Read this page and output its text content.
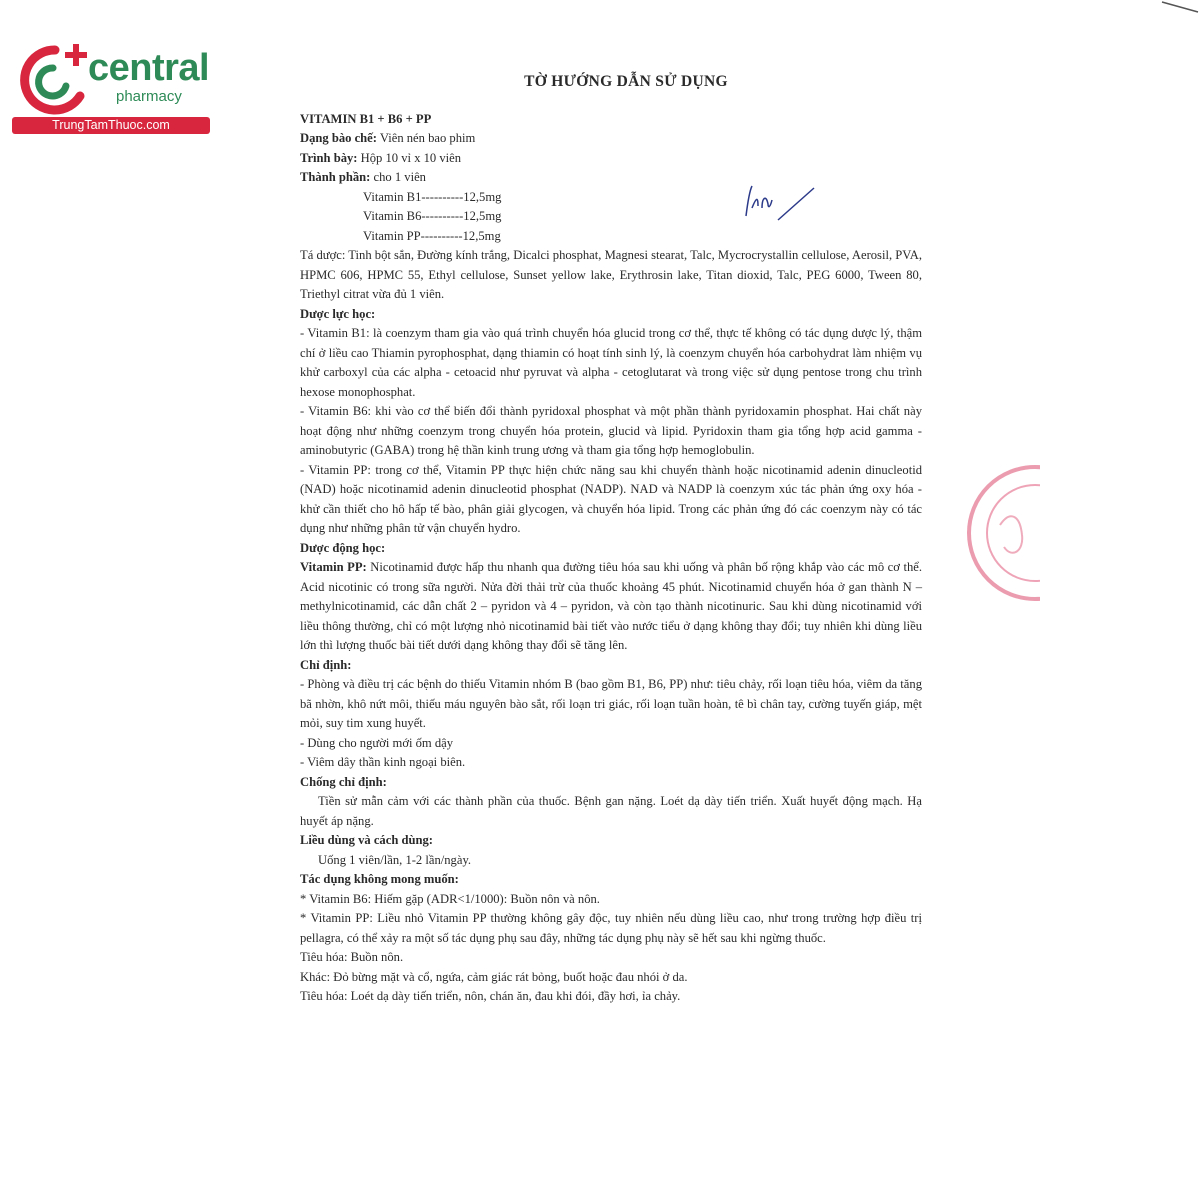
central
pharmacy
TrungTamThuoc.com
TỜ HƯỚNG DẪN SỬ DỤNG

VITAMIN B1 + B6 + PP

Dạng bào chế: Viên nén bao phim

Trình bày: Hộp 10 vỉ x 10 viên

Thành phần: cho 1 viên

Vitamin B1----------12,5mg

Vitamin B6----------12,5mg

Vitamin PP----------12,5mg

Tá dược: Tinh bột sắn, Đường kính trắng, Dicalci phosphat, Magnesi stearat, Talc, Mycrocrystallin cellulose, Aerosil, PVA, HPMC 606, HPMC 55, Ethyl cellulose, Sunset yellow lake, Erythrosin lake, Titan dioxid, Talc, PEG 6000, Tween 80, Triethyl citrat vừa đủ 1 viên.

Dược lực học:

- Vitamin B1: là coenzym tham gia vào quá trình chuyển hóa glucid trong cơ thể, thực tế không có tác dụng dược lý, thậm chí ở liều cao Thiamin pyrophosphat, dạng thiamin có hoạt tính sinh lý, là coenzym chuyển hóa carbohydrat làm nhiệm vụ khử carboxyl của các alpha - cetoacid như pyruvat và alpha - cetoglutarat và trong việc sử dụng pentose trong chu trình hexose monophosphat.

- Vitamin B6: khi vào cơ thể biến đổi thành pyridoxal phosphat và một phần thành pyridoxamin phosphat. Hai chất này hoạt động như những coenzym trong chuyển hóa protein, glucid và lipid. Pyridoxin tham gia tổng hợp acid gamma - aminobutyric (GABA) trong hệ thần kinh trung ương và tham gia tổng hợp hemoglobulin.

- Vitamin PP: trong cơ thể, Vitamin PP thực hiện chức năng sau khi chuyển thành hoặc nicotinamid adenin dinucleotid (NAD) hoặc nicotinamid adenin dinucleotid phosphat (NADP). NAD và NADP là coenzym xúc tác phản ứng oxy hóa - khử cần thiết cho hô hấp tế bào, phân giải glycogen, và chuyển hóa lipid. Trong các phản ứng đó các coenzym này có tác dụng như những phân tử vận chuyển hydro.

Dược động học:

Vitamin PP: Nicotinamid được hấp thu nhanh qua đường tiêu hóa sau khi uống và phân bố rộng khắp vào các mô cơ thể. Acid nicotinic có trong sữa người. Nửa đời thải trừ của thuốc khoảng 45 phút. Nicotinamid chuyển hóa ở gan thành N – methylnicotinamid, các dẫn chất 2 – pyridon và 4 – pyridon, và còn tạo thành nicotinuric. Sau khi dùng nicotinamid với liều thông thường, chỉ có một lượng nhỏ nicotinamid bài tiết vào nước tiểu ở dạng không thay đổi; tuy nhiên khi dùng liều lớn thì lượng thuốc bài tiết dưới dạng không thay đổi sẽ tăng lên.

Chỉ định:

- Phòng và điều trị các bệnh do thiếu Vitamin nhóm B (bao gồm B1, B6, PP) như: tiêu chảy, rối loạn tiêu hóa, viêm da tăng bã nhờn, khô nứt môi, thiếu máu nguyên bào sắt, rối loạn tri giác, rối loạn tuần hoàn, tê bì chân tay, cường tuyến giáp, mệt mỏi, suy tim xung huyết.

- Dùng cho người mới ốm dậy

- Viêm dây thần kinh ngoại biên.

Chống chỉ định:

Tiền sử mẫn cảm với các thành phần của thuốc. Bệnh gan nặng. Loét dạ dày tiến triển. Xuất huyết động mạch. Hạ huyết áp nặng.

Liều dùng và cách dùng:

Uống 1 viên/lần, 1-2 lần/ngày.

Tác dụng không mong muốn:

* Vitamin B6: Hiếm gặp (ADR<1/1000): Buồn nôn và nôn.

* Vitamin PP: Liều nhỏ Vitamin PP thường không gây độc, tuy nhiên nếu dùng liều cao, như trong trường hợp điều trị pellagra, có thể xảy ra một số tác dụng phụ sau đây, những tác dụng phụ này sẽ hết sau khi ngừng thuốc.

Tiêu hóa: Buồn nôn.

Khác: Đỏ bừng mặt và cổ, ngứa, cảm giác rát bỏng, buốt hoặc đau nhói ở da.

Tiêu hóa: Loét dạ dày tiến triển, nôn, chán ăn, đau khi đói, đầy hơi, ỉa chảy.
